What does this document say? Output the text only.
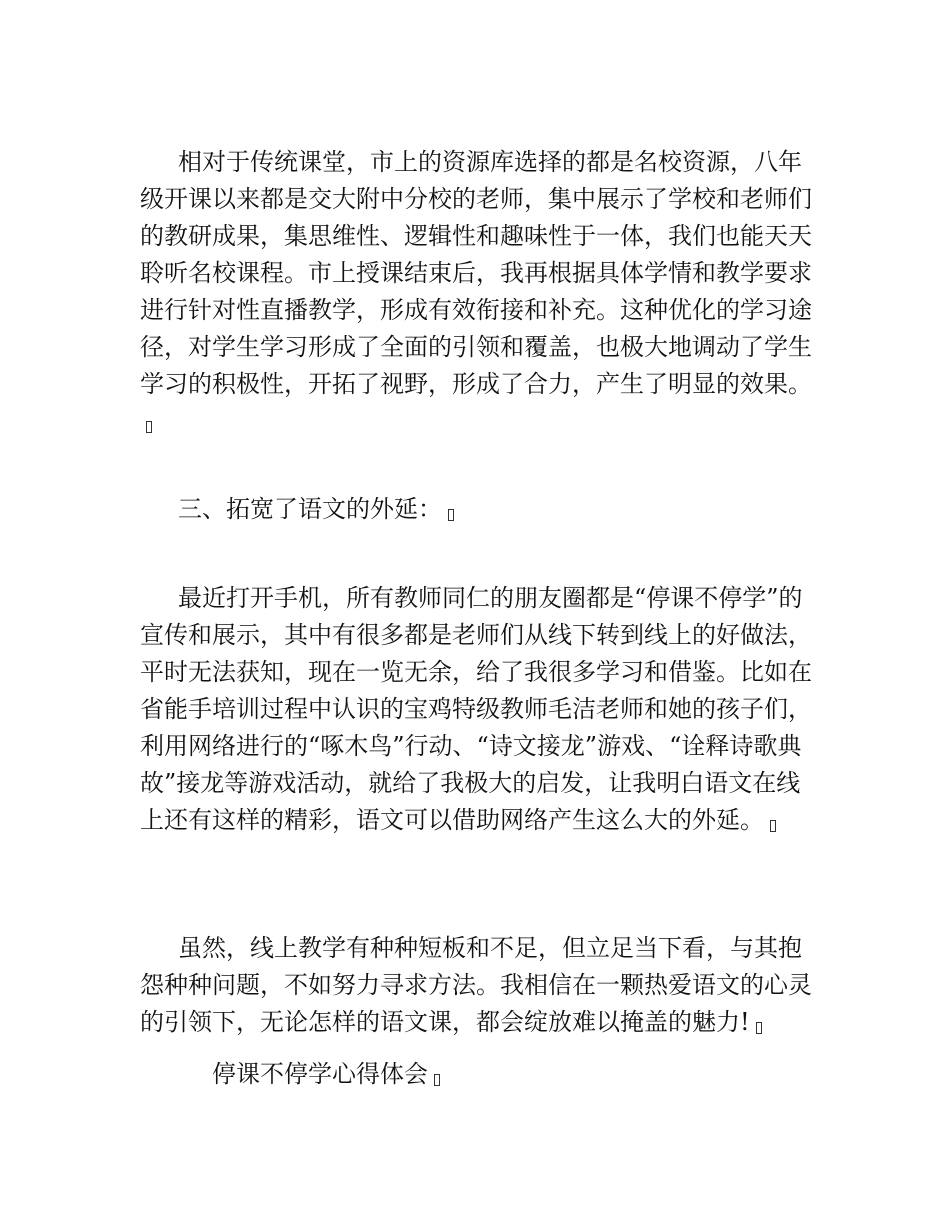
相对于传统课堂，市上的资源库选择的都是名校资源，八年级开课以来都是交大附中分校的老师，集中展示了学校和老师们的教研成果，集思维性、逻辑性和趣味性于一体，我们也能天天聆听名校课程。市上授课结束后，我再根据具体学情和教学要求进行针对性直播教学，形成有效衔接和补充。这种优化的学习途径，对学生学习形成了全面的引领和覆盖，也极大地调动了学生学习的积极性，开拓了视野，形成了合力，产生了明显的效果。

三、拓宽了语文的外延：

最近打开手机，所有教师同仁的朋友圈都是“停课不停学”的宣传和展示，其中有很多都是老师们从线下转到线上的好做法，平时无法获知，现在一览无余，给了我很多学习和借鉴。比如在省能手培训过程中认识的宝鸡特级教师毛洁老师和她的孩子们，利用网络进行的“啄木鸟”行动、“诗文接龙”游戏、“诠释诗歌典故”接龙等游戏活动，就给了我极大的启发，让我明白语文在线上还有这样的精彩，语文可以借助网络产生这么大的外延。

虽然，线上教学有种种短板和不足，但立足当下看，与其抱怨种种问题，不如努力寻求方法。我相信在一颗热爱语文的心灵的引领下，无论怎样的语文课，都会绽放难以掩盖的魅力!

停课不停学心得体会
